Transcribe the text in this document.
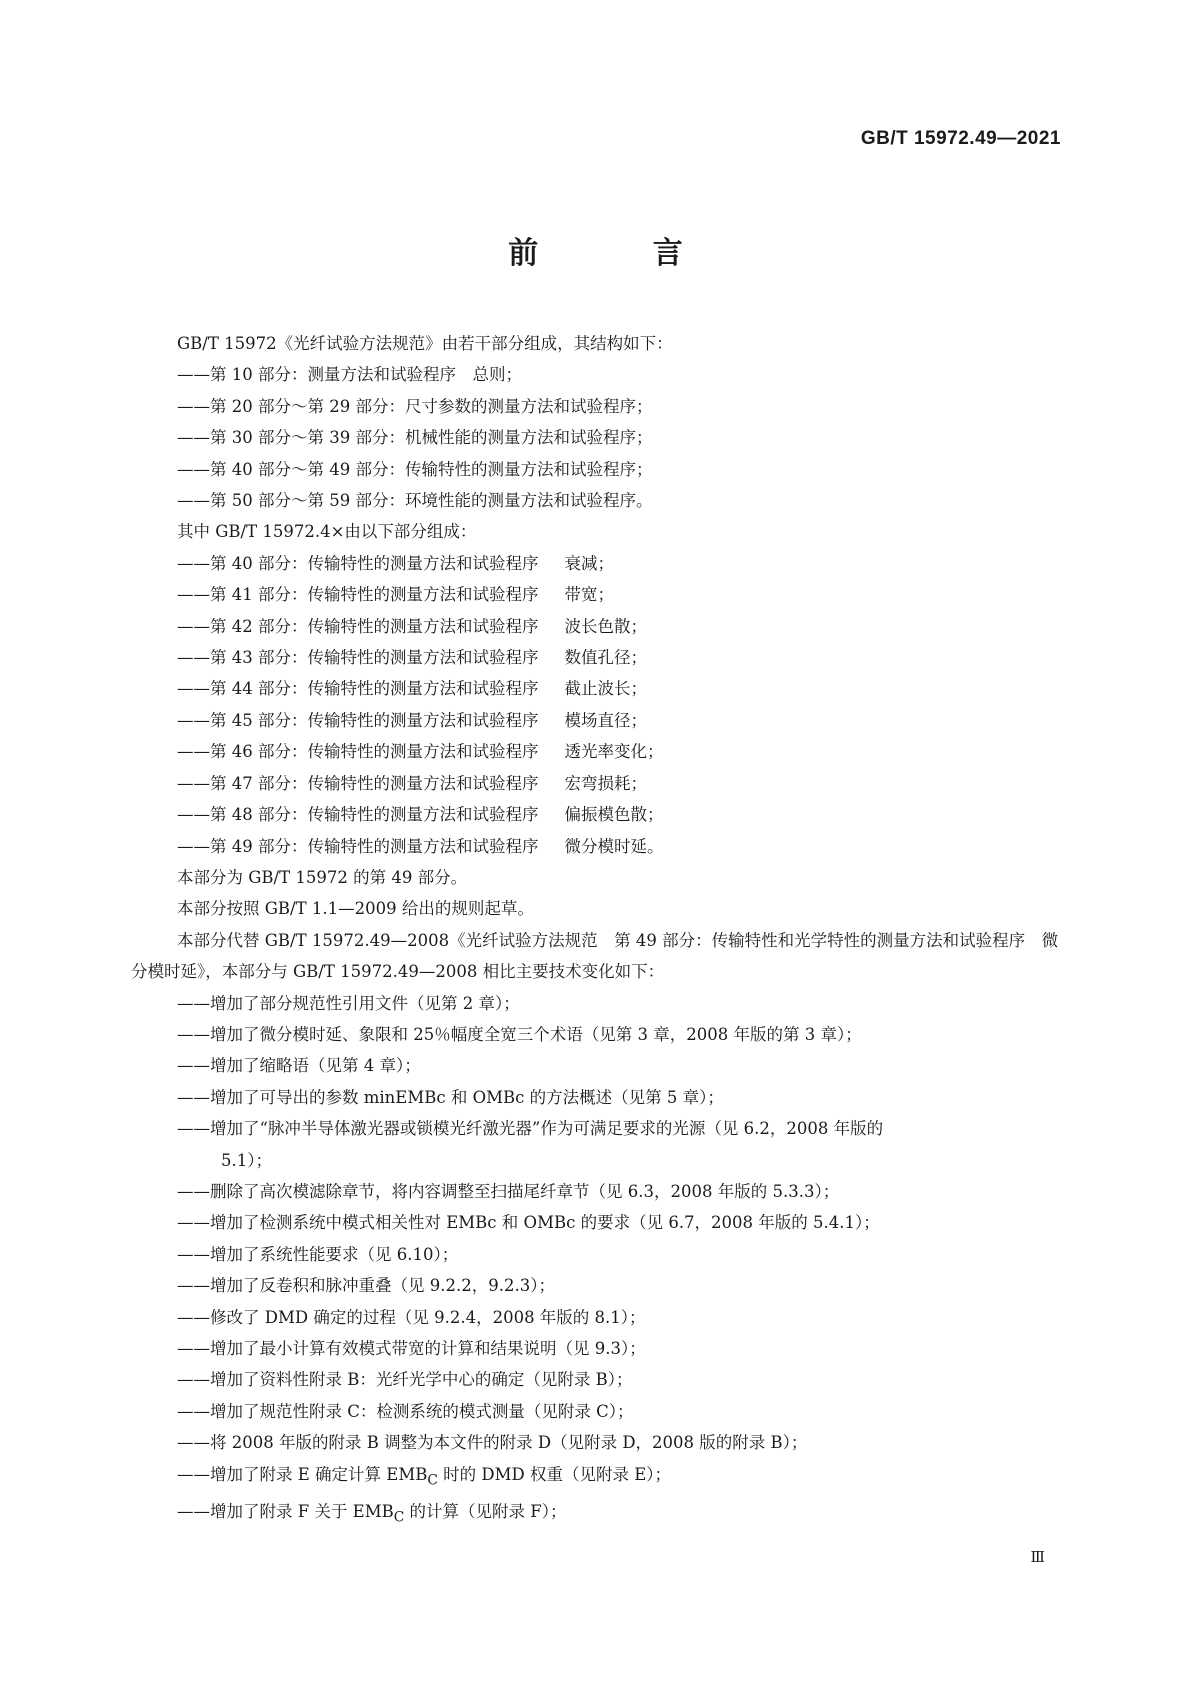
GB/T 15972.49—2021
前 言
GB/T 15972《光纤试验方法规范》由若干部分组成，其结构如下：
——第 10 部分：测量方法和试验程序　总则；
——第 20 部分～第 29 部分：尺寸参数的测量方法和试验程序；
——第 30 部分～第 39 部分：机械性能的测量方法和试验程序；
——第 40 部分～第 49 部分：传输特性的测量方法和试验程序；
——第 50 部分～第 59 部分：环境性能的测量方法和试验程序。
其中 GB/T 15972.4×由以下部分组成：
——第 40 部分：传输特性的测量方法和试验程序 衰减；
——第 41 部分：传输特性的测量方法和试验程序 带宽；
——第 42 部分：传输特性的测量方法和试验程序 波长色散；
——第 43 部分：传输特性的测量方法和试验程序 数值孔径；
——第 44 部分：传输特性的测量方法和试验程序 截止波长；
——第 45 部分：传输特性的测量方法和试验程序 模场直径；
——第 46 部分：传输特性的测量方法和试验程序 透光率变化；
——第 47 部分：传输特性的测量方法和试验程序 宏弯损耗；
——第 48 部分：传输特性的测量方法和试验程序 偏振模色散；
——第 49 部分：传输特性的测量方法和试验程序 微分模时延。
本部分为 GB/T 15972 的第 49 部分。
本部分按照 GB/T 1.1—2009 给出的规则起草。
本部分代替 GB/T 15972.49—2008《光纤试验方法规范　第 49 部分：传输特性和光学特性的测量方法和试验程序　微分模时延》，本部分与 GB/T 15972.49—2008 相比主要技术变化如下：
——增加了部分规范性引用文件（见第 2 章）；
——增加了微分模时延、象限和 25％幅度全宽三个术语（见第 3 章，2008 年版的第 3 章）；
——增加了缩略语（见第 4 章）；
——增加了可导出的参数 minEMBc 和 OMBc 的方法概述（见第 5 章）；
——增加了“脉冲半导体激光器或锁模光纤激光器”作为可满足要求的光源（见 6.2，2008 年版的
5.1）；
——删除了高次模滤除章节，将内容调整至扫描尾纤章节（见 6.3，2008 年版的 5.3.3）；
——增加了检测系统中模式相关性对 EMBc 和 OMBc 的要求（见 6.7，2008 年版的 5.4.1）；
——增加了系统性能要求（见 6.10）；
——增加了反卷积和脉冲重叠（见 9.2.2，9.2.3）；
——修改了 DMD 确定的过程（见 9.2.4，2008 年版的 8.1）；
——增加了最小计算有效模式带宽的计算和结果说明（见 9.3）；
——增加了资料性附录 B：光纤光学中心的确定（见附录 B）；
——增加了规范性附录 C：检测系统的模式测量（见附录 C）；
——将 2008 年版的附录 B 调整为本文件的附录 D（见附录 D，2008 版的附录 B）；
——增加了附录 E 确定计算 $EMB_C$ 时的 DMD 权重（见附录 E）；
——增加了附录 F 关于 $EMB_C$ 的计算（见附录 F）；
Ⅲ
